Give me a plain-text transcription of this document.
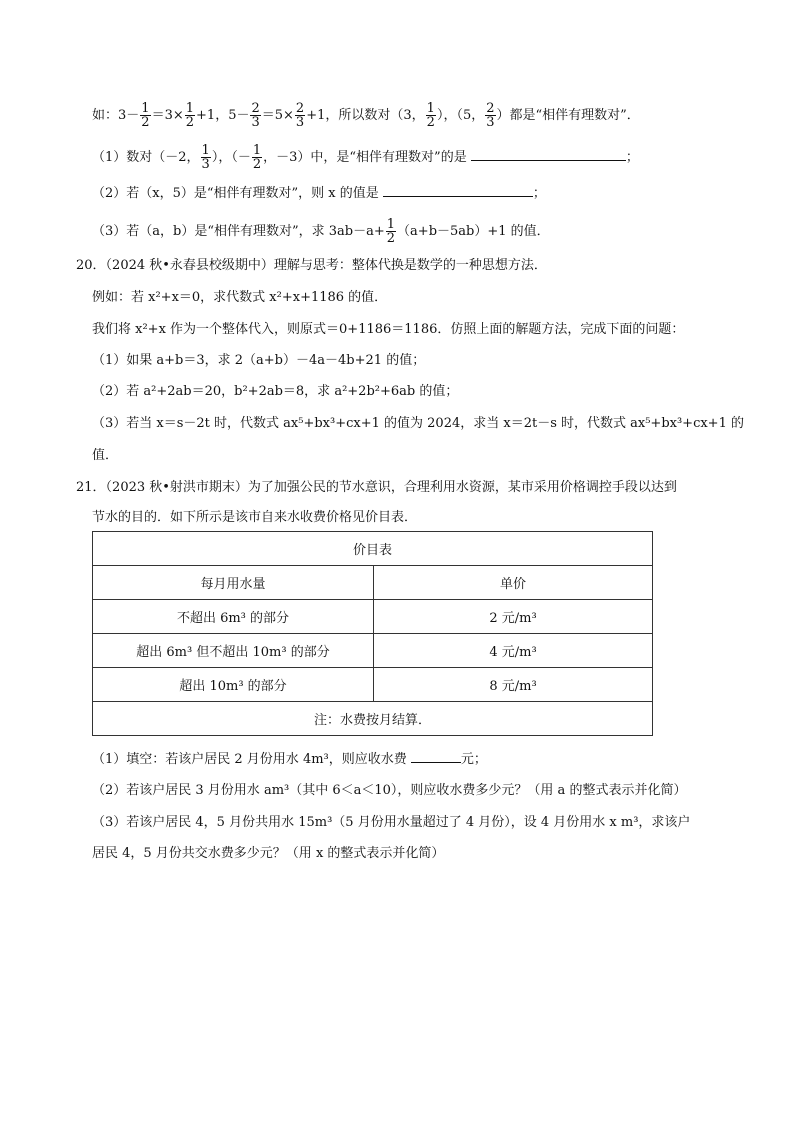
如：$3- \frac{1}{2} =3\times \frac{1}{2} +1$，$5- \frac{2}{3} =5\times \frac{2}{3} +1$，所以数对（3， $\frac{1}{2}$ ），（5， $\frac{2}{3}$ ）都是“相伴有理数对”．
（1）数对（－2， $\frac{1}{3}$ ），（－ $\frac{1}{2}$ ，－3）中，是“相伴有理数对”的是	；
（2）若（x，5）是“相伴有理数对”，则 x 的值是	；
（3）若（a，b）是“相伴有理数对”，求 $3ab-a+ \frac{1}{2} (a+b-5ab)+1$ 的值．
20．（2024 秋•永春县校级期中）理解与思考：整体代换是数学的一种思想方法．
例如：若 x²+x＝0，求代数式 x²+x+1186 的值．
我们将 x²+x 作为一个整体代入，则原式＝0+1186＝1186．仿照上面的解题方法，完成下面的问题：
（1）如果 a+b＝3，求 2（a+b）－4a－4b+21 的值；
（2）若 a²+2ab＝20，b²+2ab＝8，求 a²+2b²+6ab 的值；
（3）若当 x＝s－2t 时，代数式 ax⁵+bx³+cx+1 的值为 2024，求当 x＝2t－s 时，代数式 ax⁵+bx³+cx+1 的
值．
21．（2023 秋•射洪市期末）为了加强公民的节水意识，合理利用水资源，某市采用价格调控手段以达到
节水的目的．如下所示是该市自来水收费价格见价目表．
价目表	
每月用水量	单价
不超出 6m³ 的部分	2 元/m³
超出 6m³ 但不超出 10m³ 的部分	4 元/m³
超出 10m³ 的部分	8 元/m³
注：水费按月结算．	
（1）填空：若该户居民 2 月份用水 4m³，则应收水费	元；
（2）若该户居民 3 月份用水 am³（其中 6＜a＜10），则应收水费多少元？（用 a 的整式表示并化简）
（3）若该户居民 4，5 月份共用水 15m³（5 月份用水量超过了 4 月份），设 4 月份用水 x m³，求该户
居民 4，5 月份共交水费多少元？（用 x 的整式表示并化简）
